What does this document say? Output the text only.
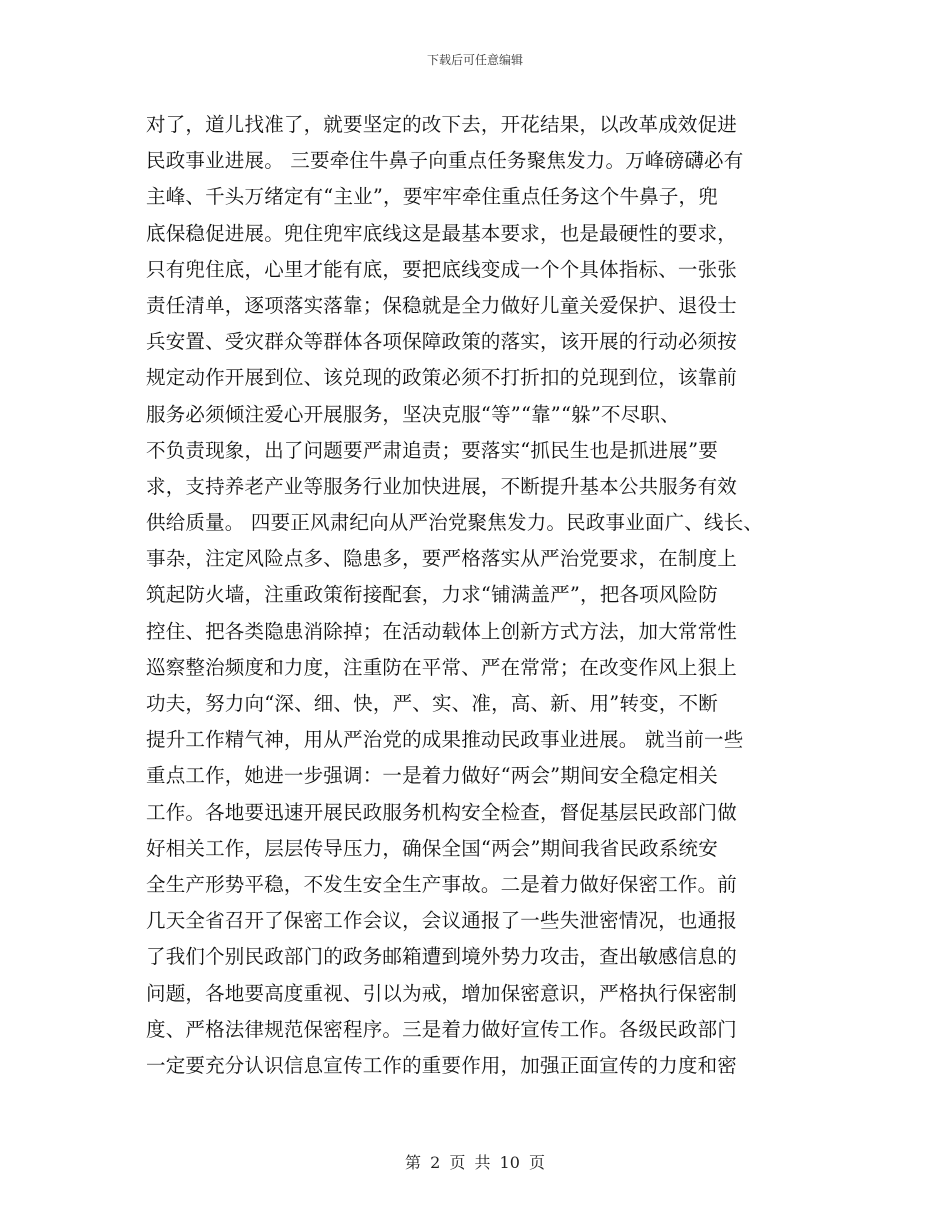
下载后可任意编辑
对了，道儿找准了，就要坚定的改下去，开花结果，以改革成效促进
民政事业进展。 三要牵住牛鼻子向重点任务聚焦发力。万峰磅礴必有
主峰、千头万绪定有“主业”，要牢牢牵住重点任务这个牛鼻子，兜
底保稳促进展。兜住兜牢底线这是最基本要求，也是最硬性的要求，
只有兜住底，心里才能有底，要把底线变成一个个具体指标、一张张
责任清单，逐项落实落靠；保稳就是全力做好儿童关爱保护、退役士
兵安置、受灾群众等群体各项保障政策的落实，该开展的行动必须按
规定动作开展到位、该兑现的政策必须不打折扣的兑现到位，该靠前
服务必须倾注爱心开展服务，坚决克服“等”“靠”“躲”不尽职、
不负责现象，出了问题要严肃追责；要落实“抓民生也是抓进展”要
求，支持养老产业等服务行业加快进展，不断提升基本公共服务有效
供给质量。 四要正风肃纪向从严治党聚焦发力。民政事业面广、线长、
事杂，注定风险点多、隐患多，要严格落实从严治党要求，在制度上
筑起防火墙，注重政策衔接配套，力求“铺满盖严”，把各项风险防
控住、把各类隐患消除掉；在活动载体上创新方式方法，加大常常性
巡察整治频度和力度，注重防在平常、严在常常；在改变作风上狠上
功夫，努力向“深、细、快，严、实、准，高、新、用”转变，不断
提升工作精气神，用从严治党的成果推动民政事业进展。 就当前一些
重点工作，她进一步强调：一是着力做好“两会”期间安全稳定相关
工作。各地要迅速开展民政服务机构安全检查，督促基层民政部门做
好相关工作，层层传导压力，确保全国“两会”期间我省民政系统安
全生产形势平稳，不发生安全生产事故。二是着力做好保密工作。前
几天全省召开了保密工作会议，会议通报了一些失泄密情况，也通报
了我们个别民政部门的政务邮箱遭到境外势力攻击，查出敏感信息的
问题，各地要高度重视、引以为戒，增加保密意识，严格执行保密制
度、严格法律规范保密程序。三是着力做好宣传工作。各级民政部门
一定要充分认识信息宣传工作的重要作用，加强正面宣传的力度和密
第 2 页 共 10 页
